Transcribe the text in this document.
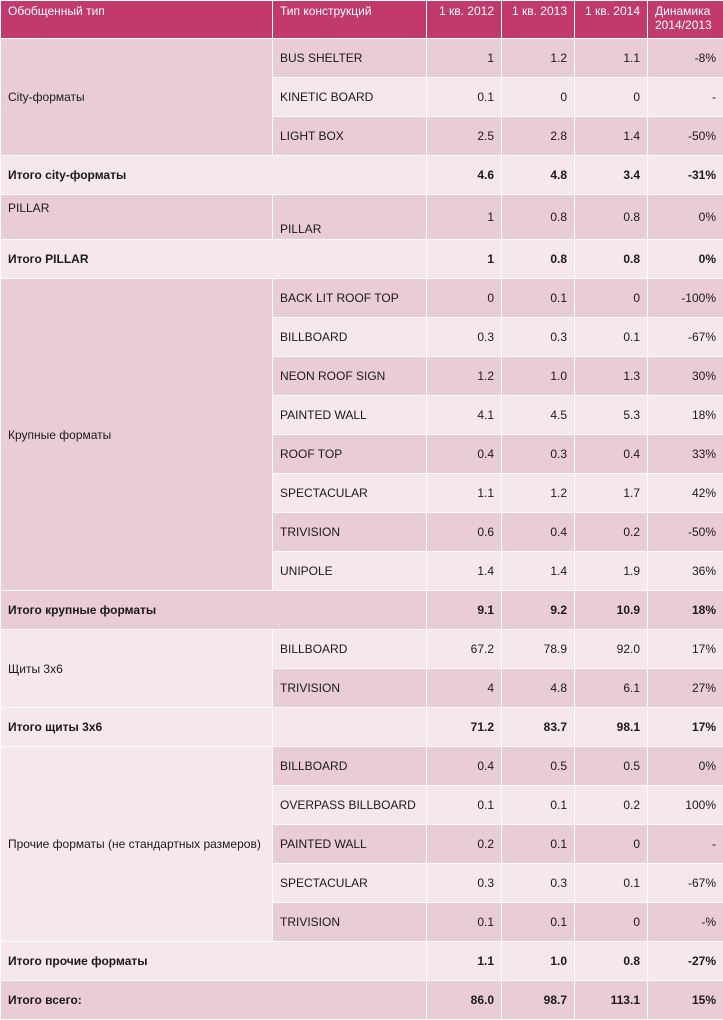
Обобщенный тип	Тип конструкций	1 кв. 2012	1 кв. 2013	1 кв. 2014	Динамика
2014/2013
City-форматы	BUS SHELTER	1	1.2	1.1	-8%
	KINETIC BOARD	0.1	0	0	-
	LIGHT BOX	2.5	2.8	1.4	-50%
Итого city-форматы		4.6	4.8	3.4	-31%
PILLAR	PILLAR	1	0.8	0.8	0%
Итого PILLAR		1	0.8	0.8	0%
Крупные форматы	BACK LIT ROOF TOP	0	0.1	0	-100%
	BILLBOARD	0.3	0.3	0.1	-67%
	NEON ROOF SIGN	1.2	1.0	1.3	30%
	PAINTED WALL	4.1	4.5	5.3	18%
	ROOF TOP	0.4	0.3	0.4	33%
	SPECTACULAR	1.1	1.2	1.7	42%
	TRIVISION	0.6	0.4	0.2	-50%
	UNIPOLE	1.4	1.4	1.9	36%
Итого крупные форматы		9.1	9.2	10.9	18%
Щиты 3х6	BILLBOARD	67.2	78.9	92.0	17%
	TRIVISION	4	4.8	6.1	27%
Итого щиты 3х6		71.2	83.7	98.1	17%
Прочие форматы (не стандартных размеров)	BILLBOARD	0.4	0.5	0.5	0%
	OVERPASS BILLBOARD	0.1	0.1	0.2	100%
	PAINTED WALL	0.2	0.1	0	-
	SPECTACULAR	0.3	0.3	0.1	-67%
	TRIVISION	0.1	0.1	0	-%
Итого прочие форматы		1.1	1.0	0.8	-27%
Итого всего:		86.0	98.7	113.1	15%
